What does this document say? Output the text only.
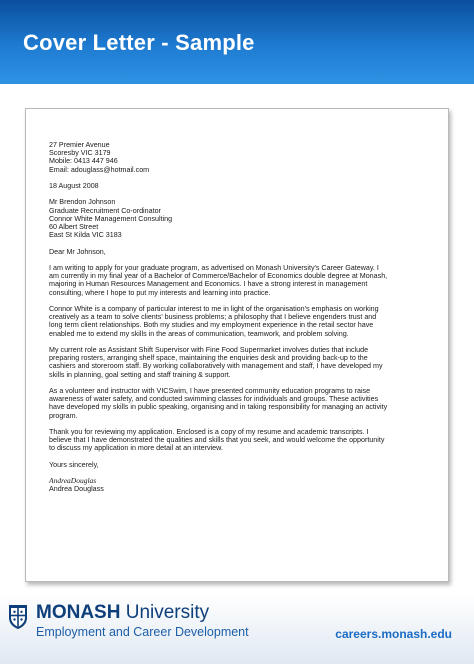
Cover Letter - Sample
27 Premier Avenue
Scoresby VIC 3179
Mobile: 0413 447 946
Email: adouglass@hotmail.com
18 August 2008
Mr Brendon Johnson
Graduate Recruitment Co-ordinator
Connor White Management Consulting
60 Albert Street
East St Kilda VIC 3183
Dear Mr Johnson,
I am writing to apply for your graduate program, as advertised on Monash University's Career Gateway. I
am currently in my final year of a Bachelor of Commerce/Bachelor of Economics double degree at Monash,
majoring in Human Resources Management and Economics. I have a strong interest in management
consulting, where I hope to put my interests and learning into practice.
Connor White is a company of particular interest to me in light of the organisation's emphasis on working
creatively as a team to solve clients' business problems; a philosophy that I believe engenders trust and
long term client relationships. Both my studies and my employment experience in the retail sector have
enabled me to extend my skills in the areas of communication, teamwork, and problem solving.
My current role as Assistant Shift Supervisor with Fine Food Supermarket involves duties that include
preparing rosters, arranging shelf space, maintaining the enquiries desk and providing back-up to the
cashiers and storeroom staff. By working collaboratively with management and staff, I have developed my
skills in planning, goal setting and staff training & support.
As a volunteer and instructor with VICSwim, I have presented community education programs to raise
awareness of water safety, and conducted swimming classes for individuals and groups. These activities
have developed my skills in public speaking, organising and in taking responsibility for managing an activity
program.
Thank you for reviewing my application. Enclosed is a copy of my resume and academic transcripts. I
believe that I have demonstrated the qualities and skills that you seek, and would welcome the opportunity
to discuss my application in more detail at an interview.
Yours sincerely,
AndreaDouglas
Andrea Douglass
MONASH University
Employment and Career Development	careers.monash.edu
